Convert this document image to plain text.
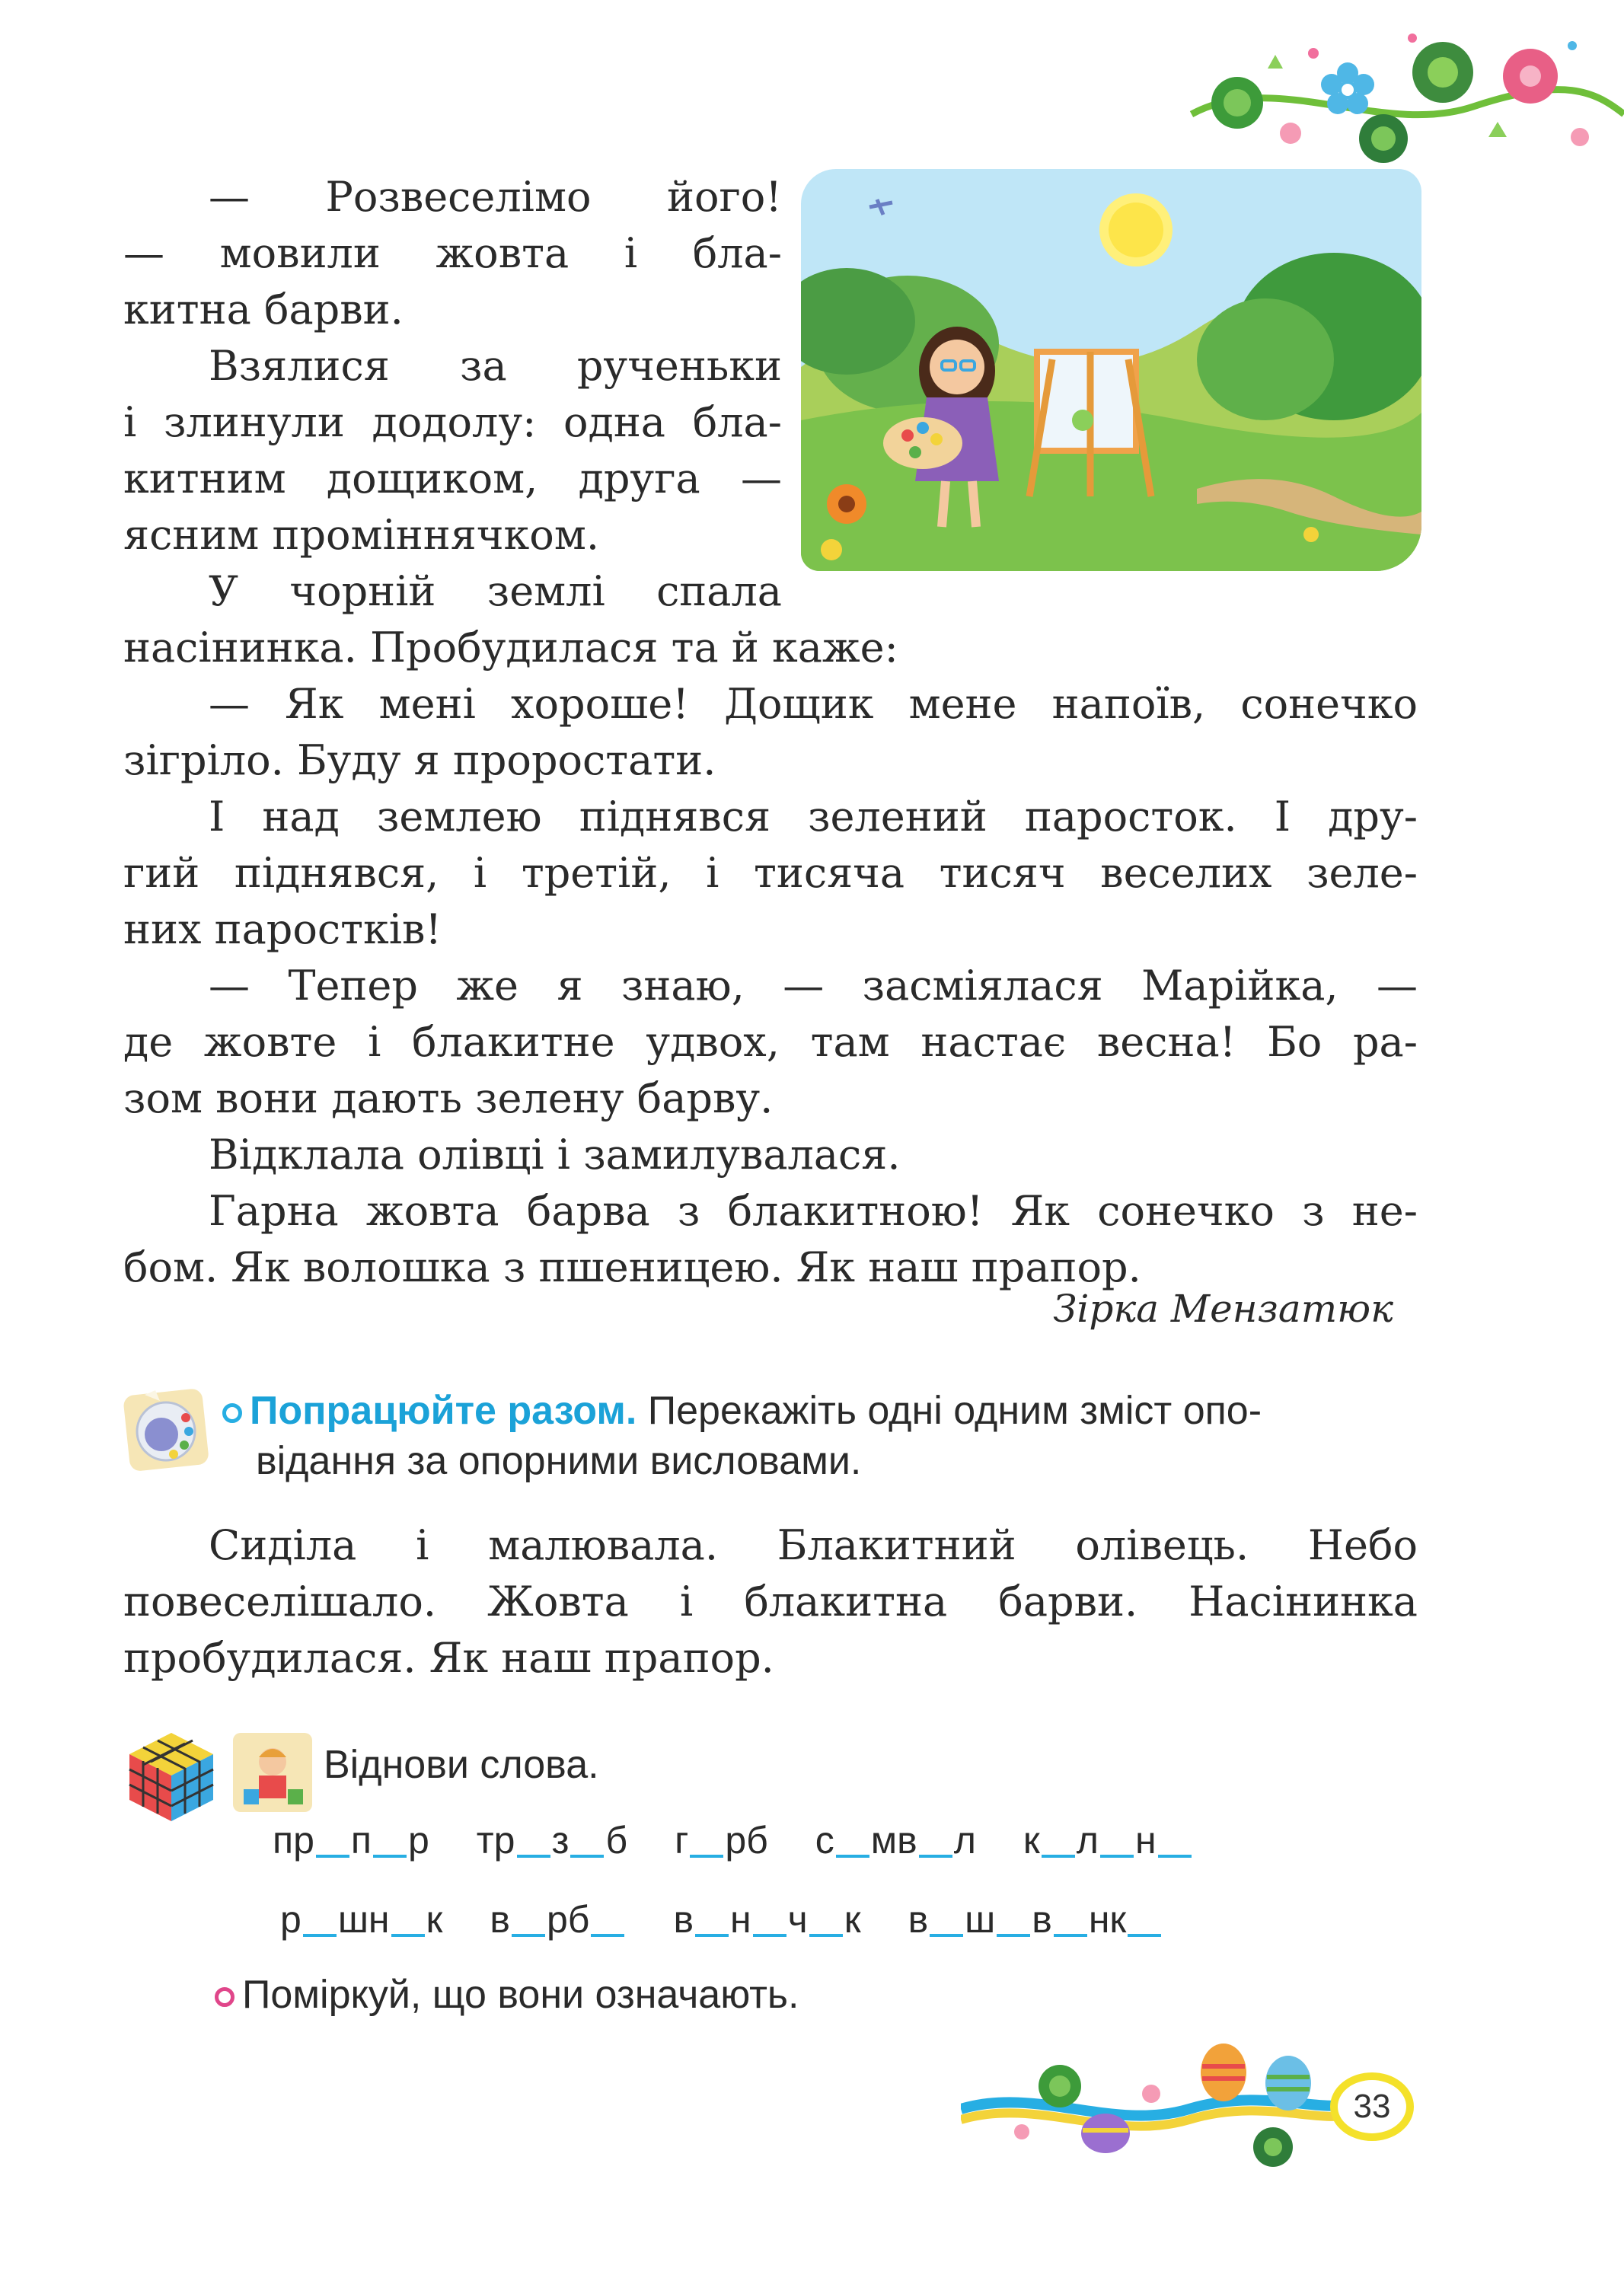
— Розвеселімо його!
— мовили жовта і бла-
китна барви.
Взялися за рученьки
і злинули додолу: одна бла-
китним дощиком, друга —
ясним проміннячком.
У чорній землі спала
насінинка. Пробудилася та й каже:
— Як мені хороше! Дощик мене напоїв, сонечко
зігріло. Буду я проростати.
І над землею піднявся зелений паросток. І дру-
гий піднявся, і третій, і тисяча тисяч веселих зеле-
них паростків!
— Тепер же я знаю, — засміялася Марійка, —
де жовте і блакитне удвох, там настає весна! Бо ра-
зом вони дають зелену барву.
Відклала олівці і замилувалася.
Гарна жовта барва з блакитною! Як сонечко з не-
бом. Як волошка з пшеницею. Як наш прапор.
Зірка Мензатюк
Попрацюйте разом. Перекажіть одні одним зміст опо-
відання за опорними висловами.
Сиділа і малювала. Блакитний олівець. Небо
повеселішало. Жовта і блакитна барви. Насінинка
пробудилася. Як наш прапор.
Віднови слова.
пр п р тр з б г рб с мв л к л н
р шн к в рб в н ч к в ш в нк
Поміркуй, що вони означають.
33
